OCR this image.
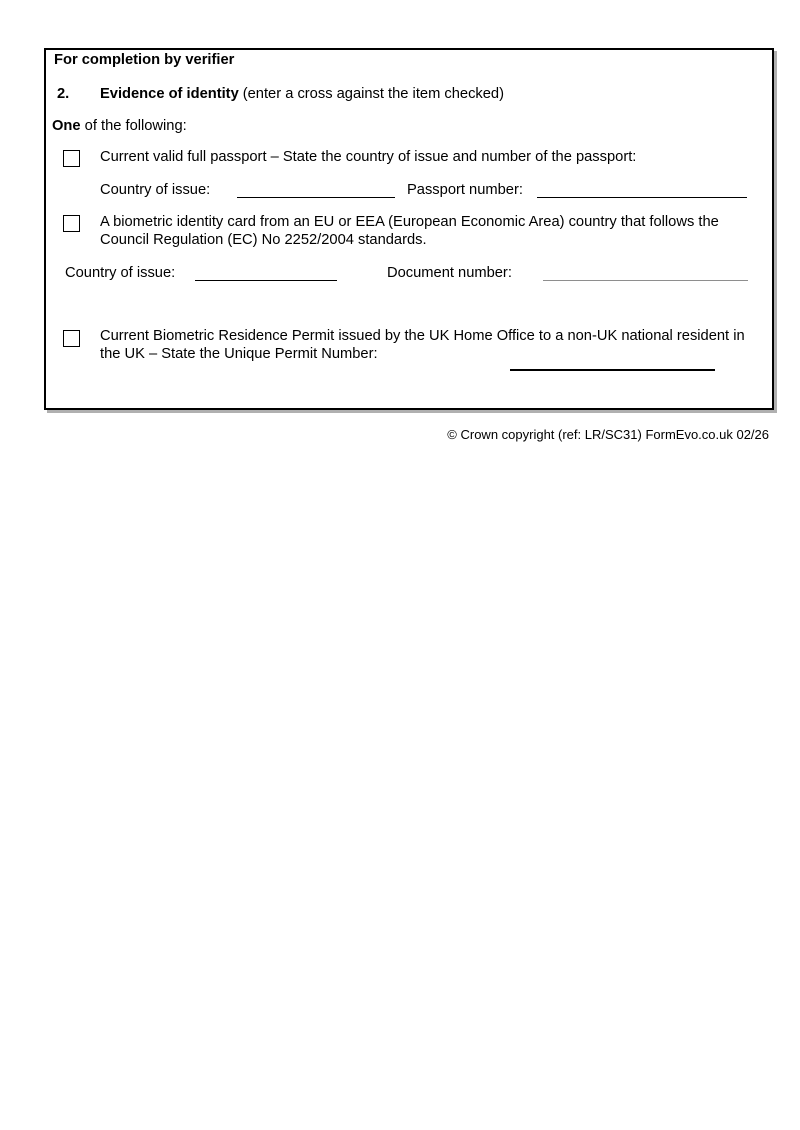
For completion by verifier
2. Evidence of identity (enter a cross against the item checked)
One of the following:

Current valid full passport – State the country of issue and number of the passport:

Country of issue:	Passport number:

A biometric identity card from an EU or EEA (European Economic Area) country that follows the Council Regulation (EC) No 2252/2004 standards.

Country of issue:	Document number:

Current Biometric Residence Permit issued by the UK Home Office to a non-UK national resident in the UK – State the Unique Permit Number:

© Crown copyright (ref: LR/SC31) FormEvo.co.uk 02/26
